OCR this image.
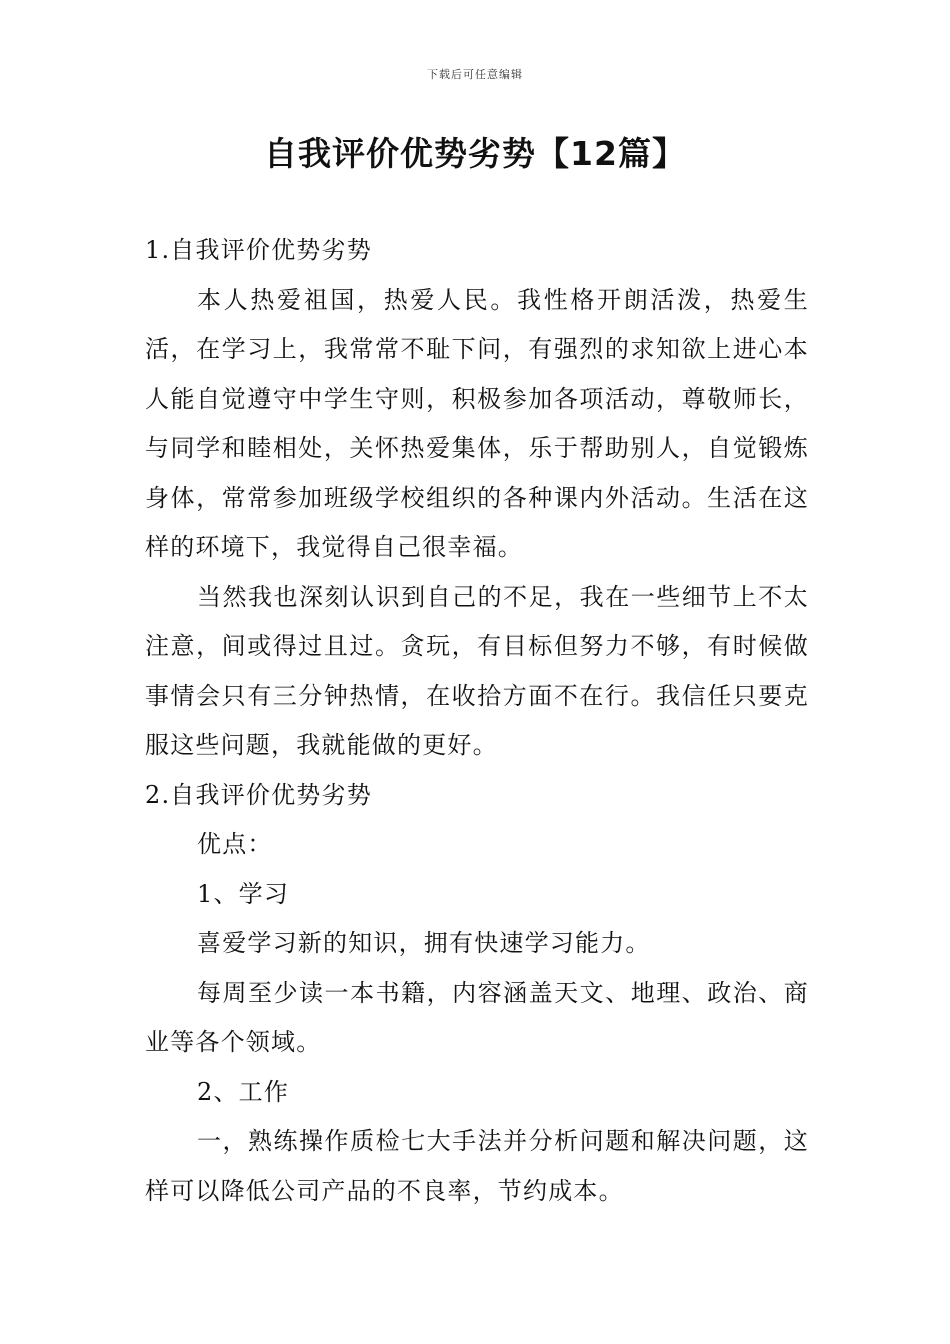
下载后可任意编辑
自我评价优势劣势【12篇】

1.自我评价优势劣势

本人热爱祖国，热爱人民。我性格开朗活泼，热爱生活，在学习上，我常常不耻下问，有强烈的求知欲上进心本人能自觉遵守中学生守则，积极参加各项活动，尊敬师长，与同学和睦相处，关怀热爱集体，乐于帮助别人，自觉锻炼身体，常常参加班级学校组织的各种课内外活动。生活在这样的环境下，我觉得自己很幸福。

当然我也深刻认识到自己的不足，我在一些细节上不太注意，间或得过且过。贪玩，有目标但努力不够，有时候做事情会只有三分钟热情，在收拾方面不在行。我信任只要克服这些问题，我就能做的更好。

2.自我评价优势劣势

优点：

1、学习

喜爱学习新的知识，拥有快速学习能力。

每周至少读一本书籍，内容涵盖天文、地理、政治、商业等各个领域。

2、工作

一，熟练操作质检七大手法并分析问题和解决问题，这样可以降低公司产品的不良率，节约成本。
